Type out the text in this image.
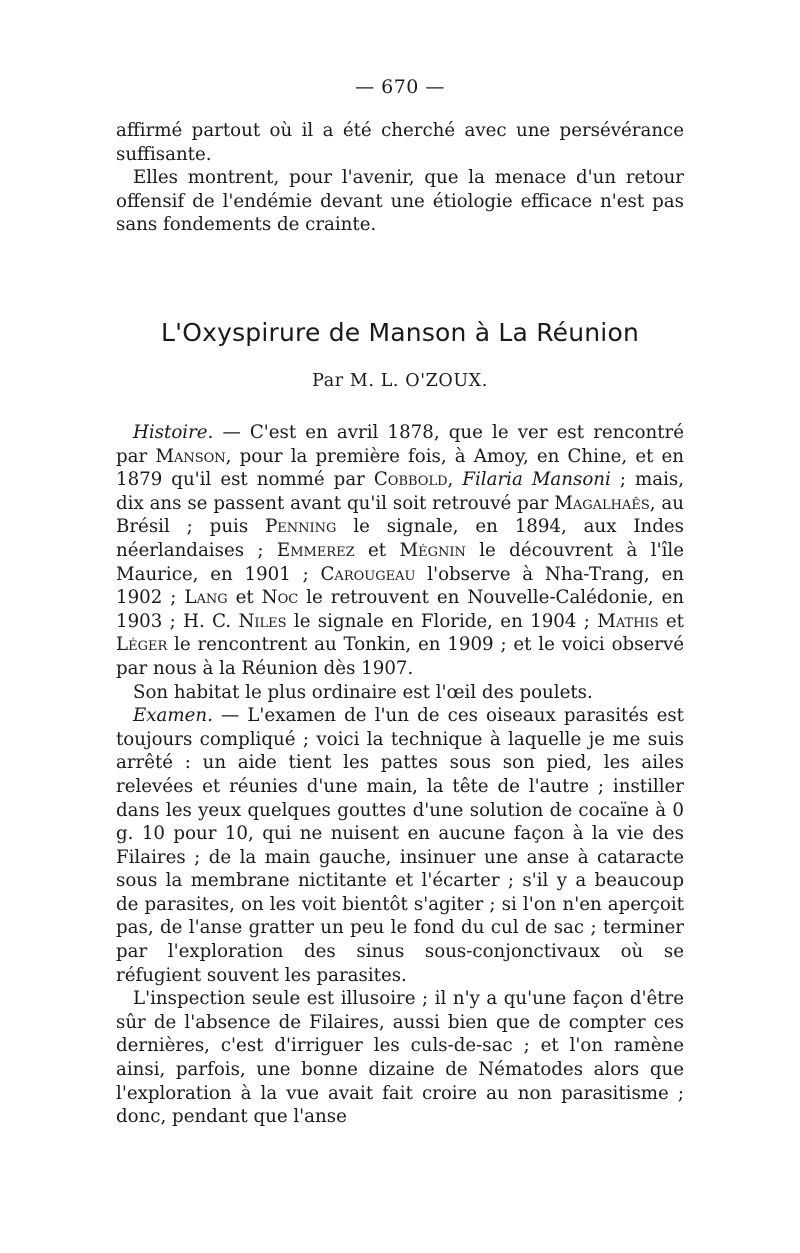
— 670 —

affirmé partout où il a été cherché avec une persévérance suffisante.

Elles montrent, pour l'avenir, que la menace d'un retour offensif de l'endémie devant une étiologie efficace n'est pas sans fondements de crainte.

L'Oxyspirure de Manson à La Réunion
Par M. L. O'ZOUX.

Histoire. — C'est en avril 1878, que le ver est rencontré par Manson, pour la première fois, à Amoy, en Chine, et en 1879 qu'il est nommé par Cobbold, Filaria Mansoni ; mais, dix ans se passent avant qu'il soit retrouvé par Magalhaês, au Brésil ; puis Penning le signale, en 1894, aux Indes néerlandaises ; Emmerez et Mégnin le découvrent à l'île Maurice, en 1901 ; Carougeau l'observe à Nha-Trang, en 1902 ; Lang et Noc le retrouvent en Nouvelle-Calédonie, en 1903 ; H. C. Niles le signale en Floride, en 1904 ; Mathis et Léger le rencontrent au Tonkin, en 1909 ; et le voici observé par nous à la Réunion dès 1907.

Son habitat le plus ordinaire est l'œil des poulets.

Examen. — L'examen de l'un de ces oiseaux parasités est toujours compliqué ; voici la technique à laquelle je me suis arrêté : un aide tient les pattes sous son pied, les ailes relevées et réunies d'une main, la tête de l'autre ; instiller dans les yeux quelques gouttes d'une solution de cocaïne à 0 g. 10 pour 10, qui ne nuisent en aucune façon à la vie des Filaires ; de la main gauche, insinuer une anse à cataracte sous la membrane nictitante et l'écarter ; s'il y a beaucoup de parasites, on les voit bientôt s'agiter ; si l'on n'en aperçoit pas, de l'anse gratter un peu le fond du cul de sac ; terminer par l'exploration des sinus sous-conjonctivaux où se réfugient souvent les parasites.

L'inspection seule est illusoire ; il n'y a qu'une façon d'être sûr de l'absence de Filaires, aussi bien que de compter ces dernières, c'est d'irriguer les culs-de-sac ; et l'on ramène ainsi, parfois, une bonne dizaine de Nématodes alors que l'exploration à la vue avait fait croire au non parasitisme ; donc, pendant que l'anse
